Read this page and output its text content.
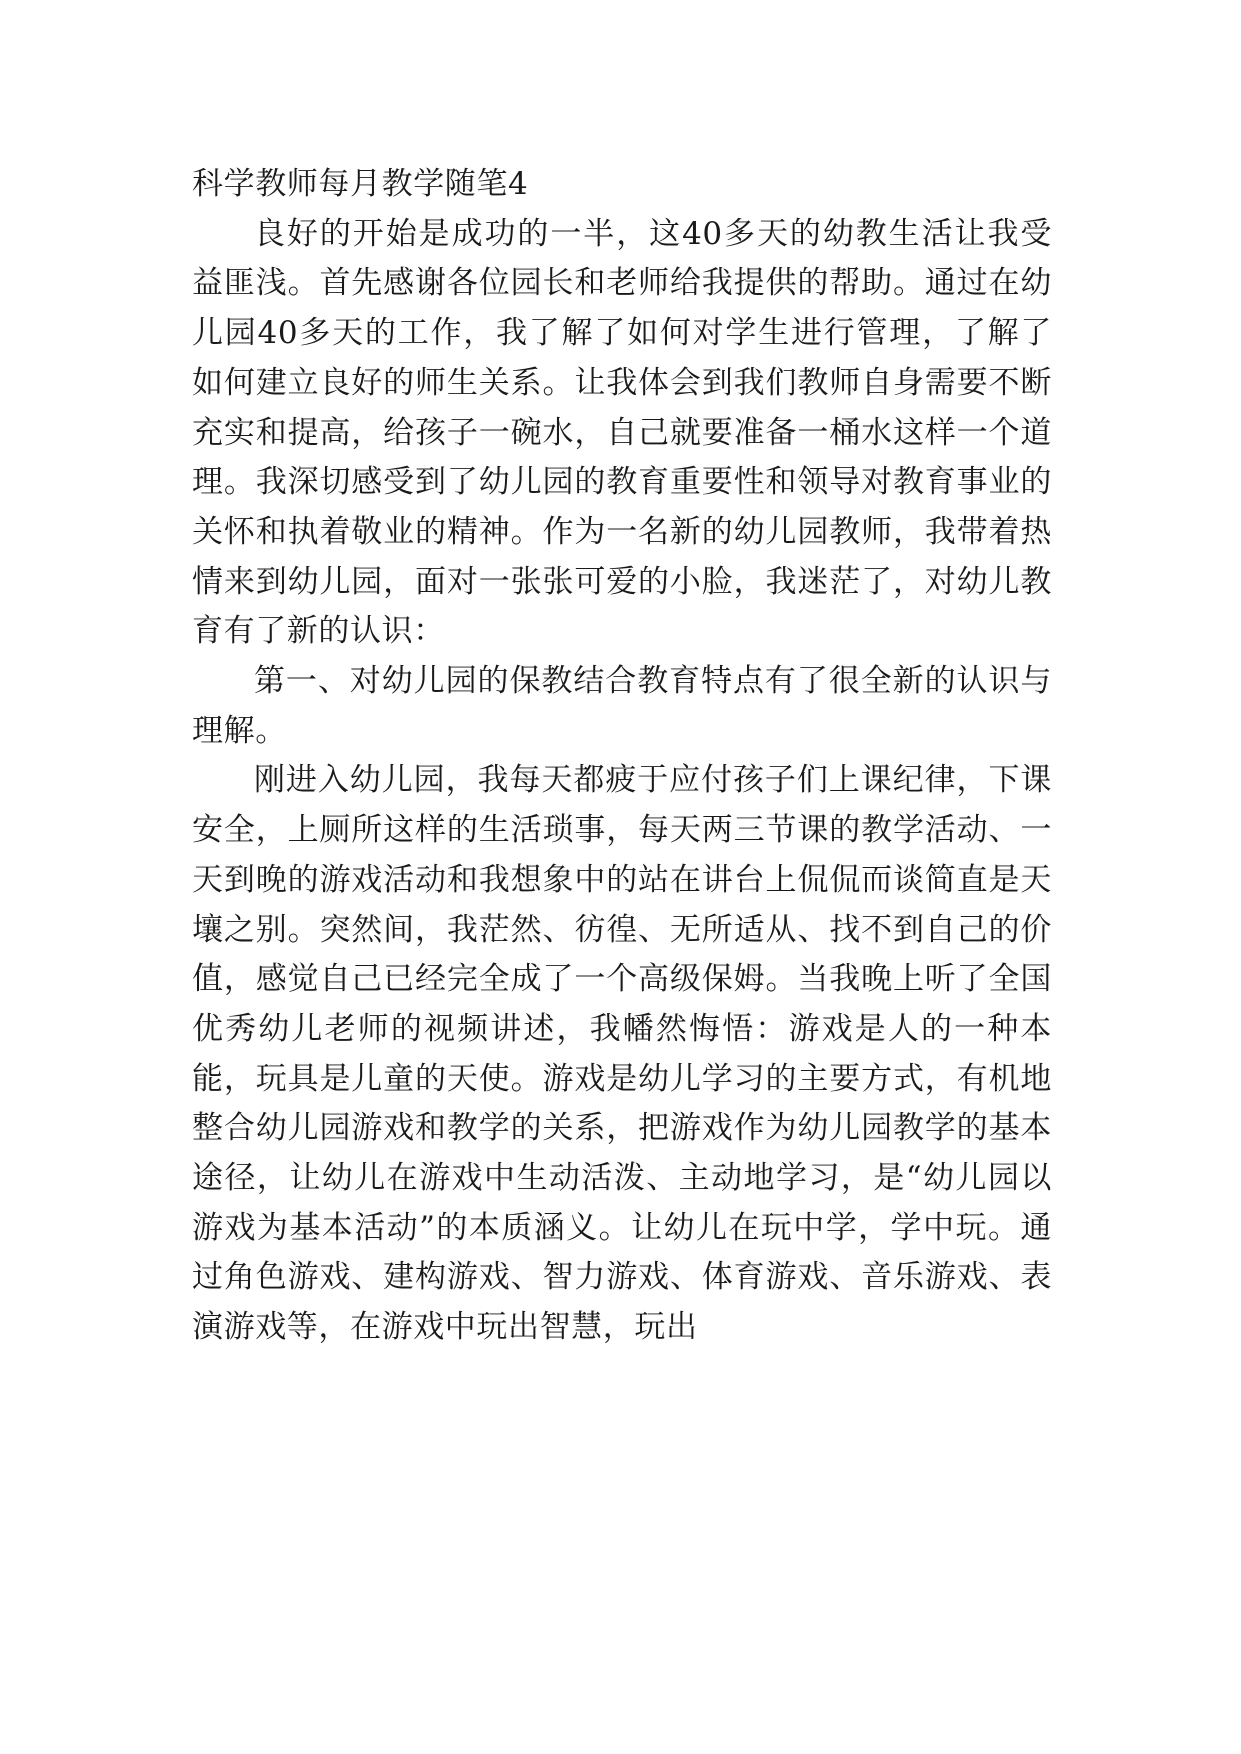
科学教师每月教学随笔4

良好的开始是成功的一半，这40多天的幼教生活让我受益匪浅。首先感谢各位园长和老师给我提供的帮助。通过在幼儿园40多天的工作，我了解了如何对学生进行管理，了解了如何建立良好的师生关系。让我体会到我们教师自身需要不断充实和提高，给孩子一碗水，自己就要准备一桶水这样一个道理。我深切感受到了幼儿园的教育重要性和领导对教育事业的关怀和执着敬业的精神。作为一名新的幼儿园教师，我带着热情来到幼儿园，面对一张张可爱的小脸，我迷茫了，对幼儿教育有了新的认识：

第一、对幼儿园的保教结合教育特点有了很全新的认识与理解。

刚进入幼儿园，我每天都疲于应付孩子们上课纪律，下课安全，上厕所这样的生活琐事，每天两三节课的教学活动、一天到晚的游戏活动和我想象中的站在讲台上侃侃而谈简直是天壤之别。突然间，我茫然、彷徨、无所适从、找不到自己的价值，感觉自己已经完全成了一个高级保姆。当我晚上听了全国优秀幼儿老师的视频讲述，我幡然悔悟：游戏是人的一种本能，玩具是儿童的天使。游戏是幼儿学习的主要方式，有机地整合幼儿园游戏和教学的关系，把游戏作为幼儿园教学的基本途径，让幼儿在游戏中生动活泼、主动地学习，是“幼儿园以游戏为基本活动”的本质涵义。让幼儿在玩中学，学中玩。通过角色游戏、建构游戏、智力游戏、体育游戏、音乐游戏、表演游戏等，在游戏中玩出智慧，玩出
